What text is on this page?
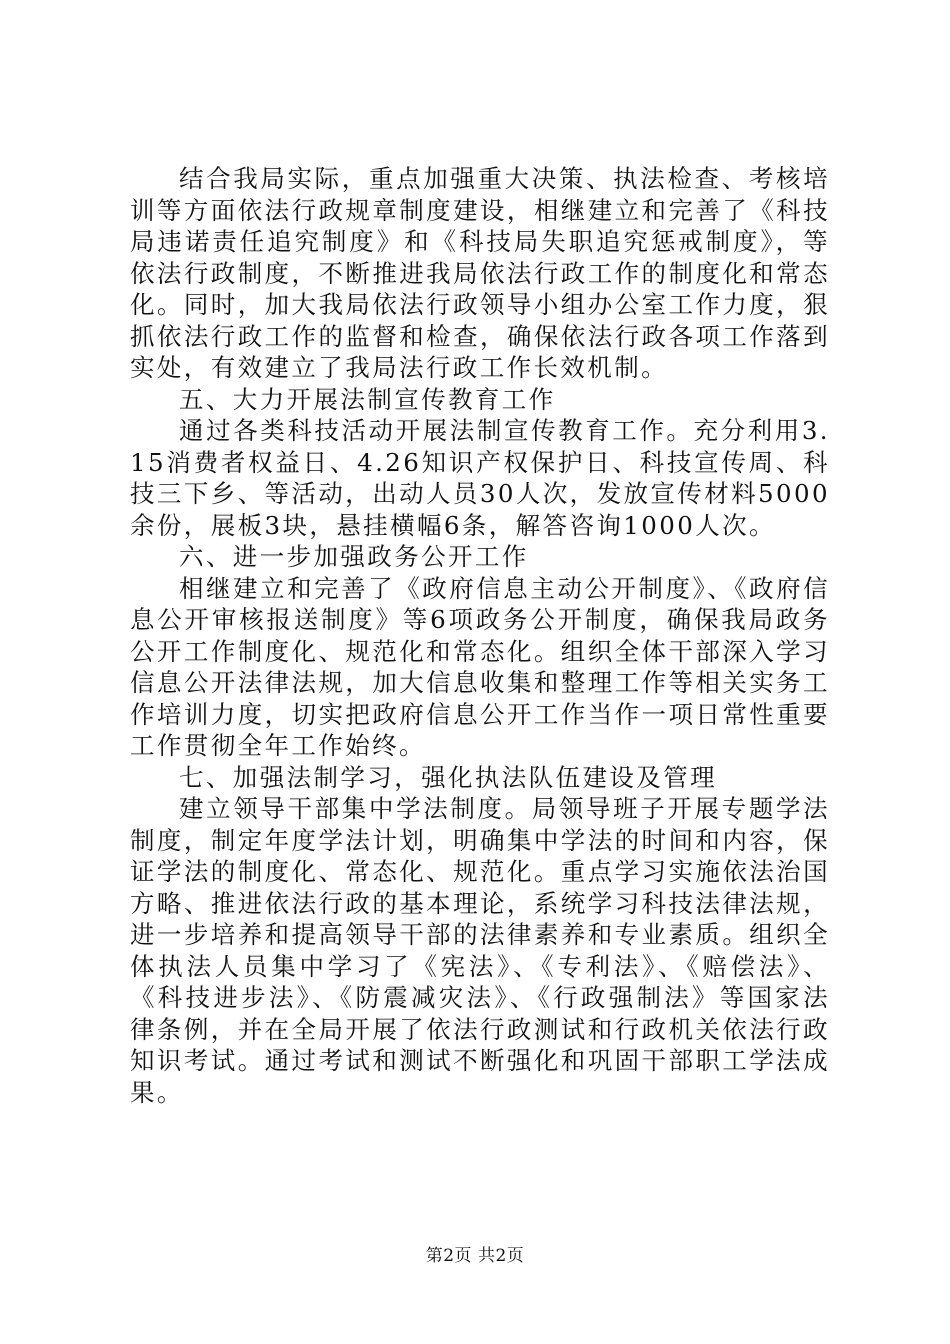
结合我局实际，重点加强重大决策、执法检查、考核培训等方面依法行政规章制度建设，相继建立和完善了《科技局违诺责任追究制度》和《科技局失职追究惩戒制度》，等依法行政制度，不断推进我局依法行政工作的制度化和常态化。同时，加大我局依法行政领导小组办公室工作力度，狠抓依法行政工作的监督和检查，确保依法行政各项工作落到实处，有效建立了我局法行政工作长效机制。

五、大力开展法制宣传教育工作

通过各类科技活动开展法制宣传教育工作。充分利用3.15消费者权益日、4.26知识产权保护日、科技宣传周、科技三下乡、等活动，出动人员30人次，发放宣传材料5000余份，展板3块，悬挂横幅6条，解答咨询1000人次。

六、进一步加强政务公开工作

相继建立和完善了《政府信息主动公开制度》、《政府信息公开审核报送制度》等6项政务公开制度，确保我局政务公开工作制度化、规范化和常态化。组织全体干部深入学习信息公开法律法规，加大信息收集和整理工作等相关实务工作培训力度，切实把政府信息公开工作当作一项日常性重要工作贯彻全年工作始终。

七、加强法制学习，强化执法队伍建设及管理

建立领导干部集中学法制度。局领导班子开展专题学法制度，制定年度学法计划，明确集中学法的时间和内容，保证学法的制度化、常态化、规范化。重点学习实施依法治国方略、推进依法行政的基本理论，系统学习科技法律法规，进一步培养和提高领导干部的法律素养和专业素质。组织全体执法人员集中学习了《宪法》、《专利法》、《赔偿法》、《科技进步法》、《防震减灾法》、《行政强制法》等国家法律条例，并在全局开展了依法行政测试和行政机关依法行政知识考试。通过考试和测试不断强化和巩固干部职工学法成果。

第2页 共2页
